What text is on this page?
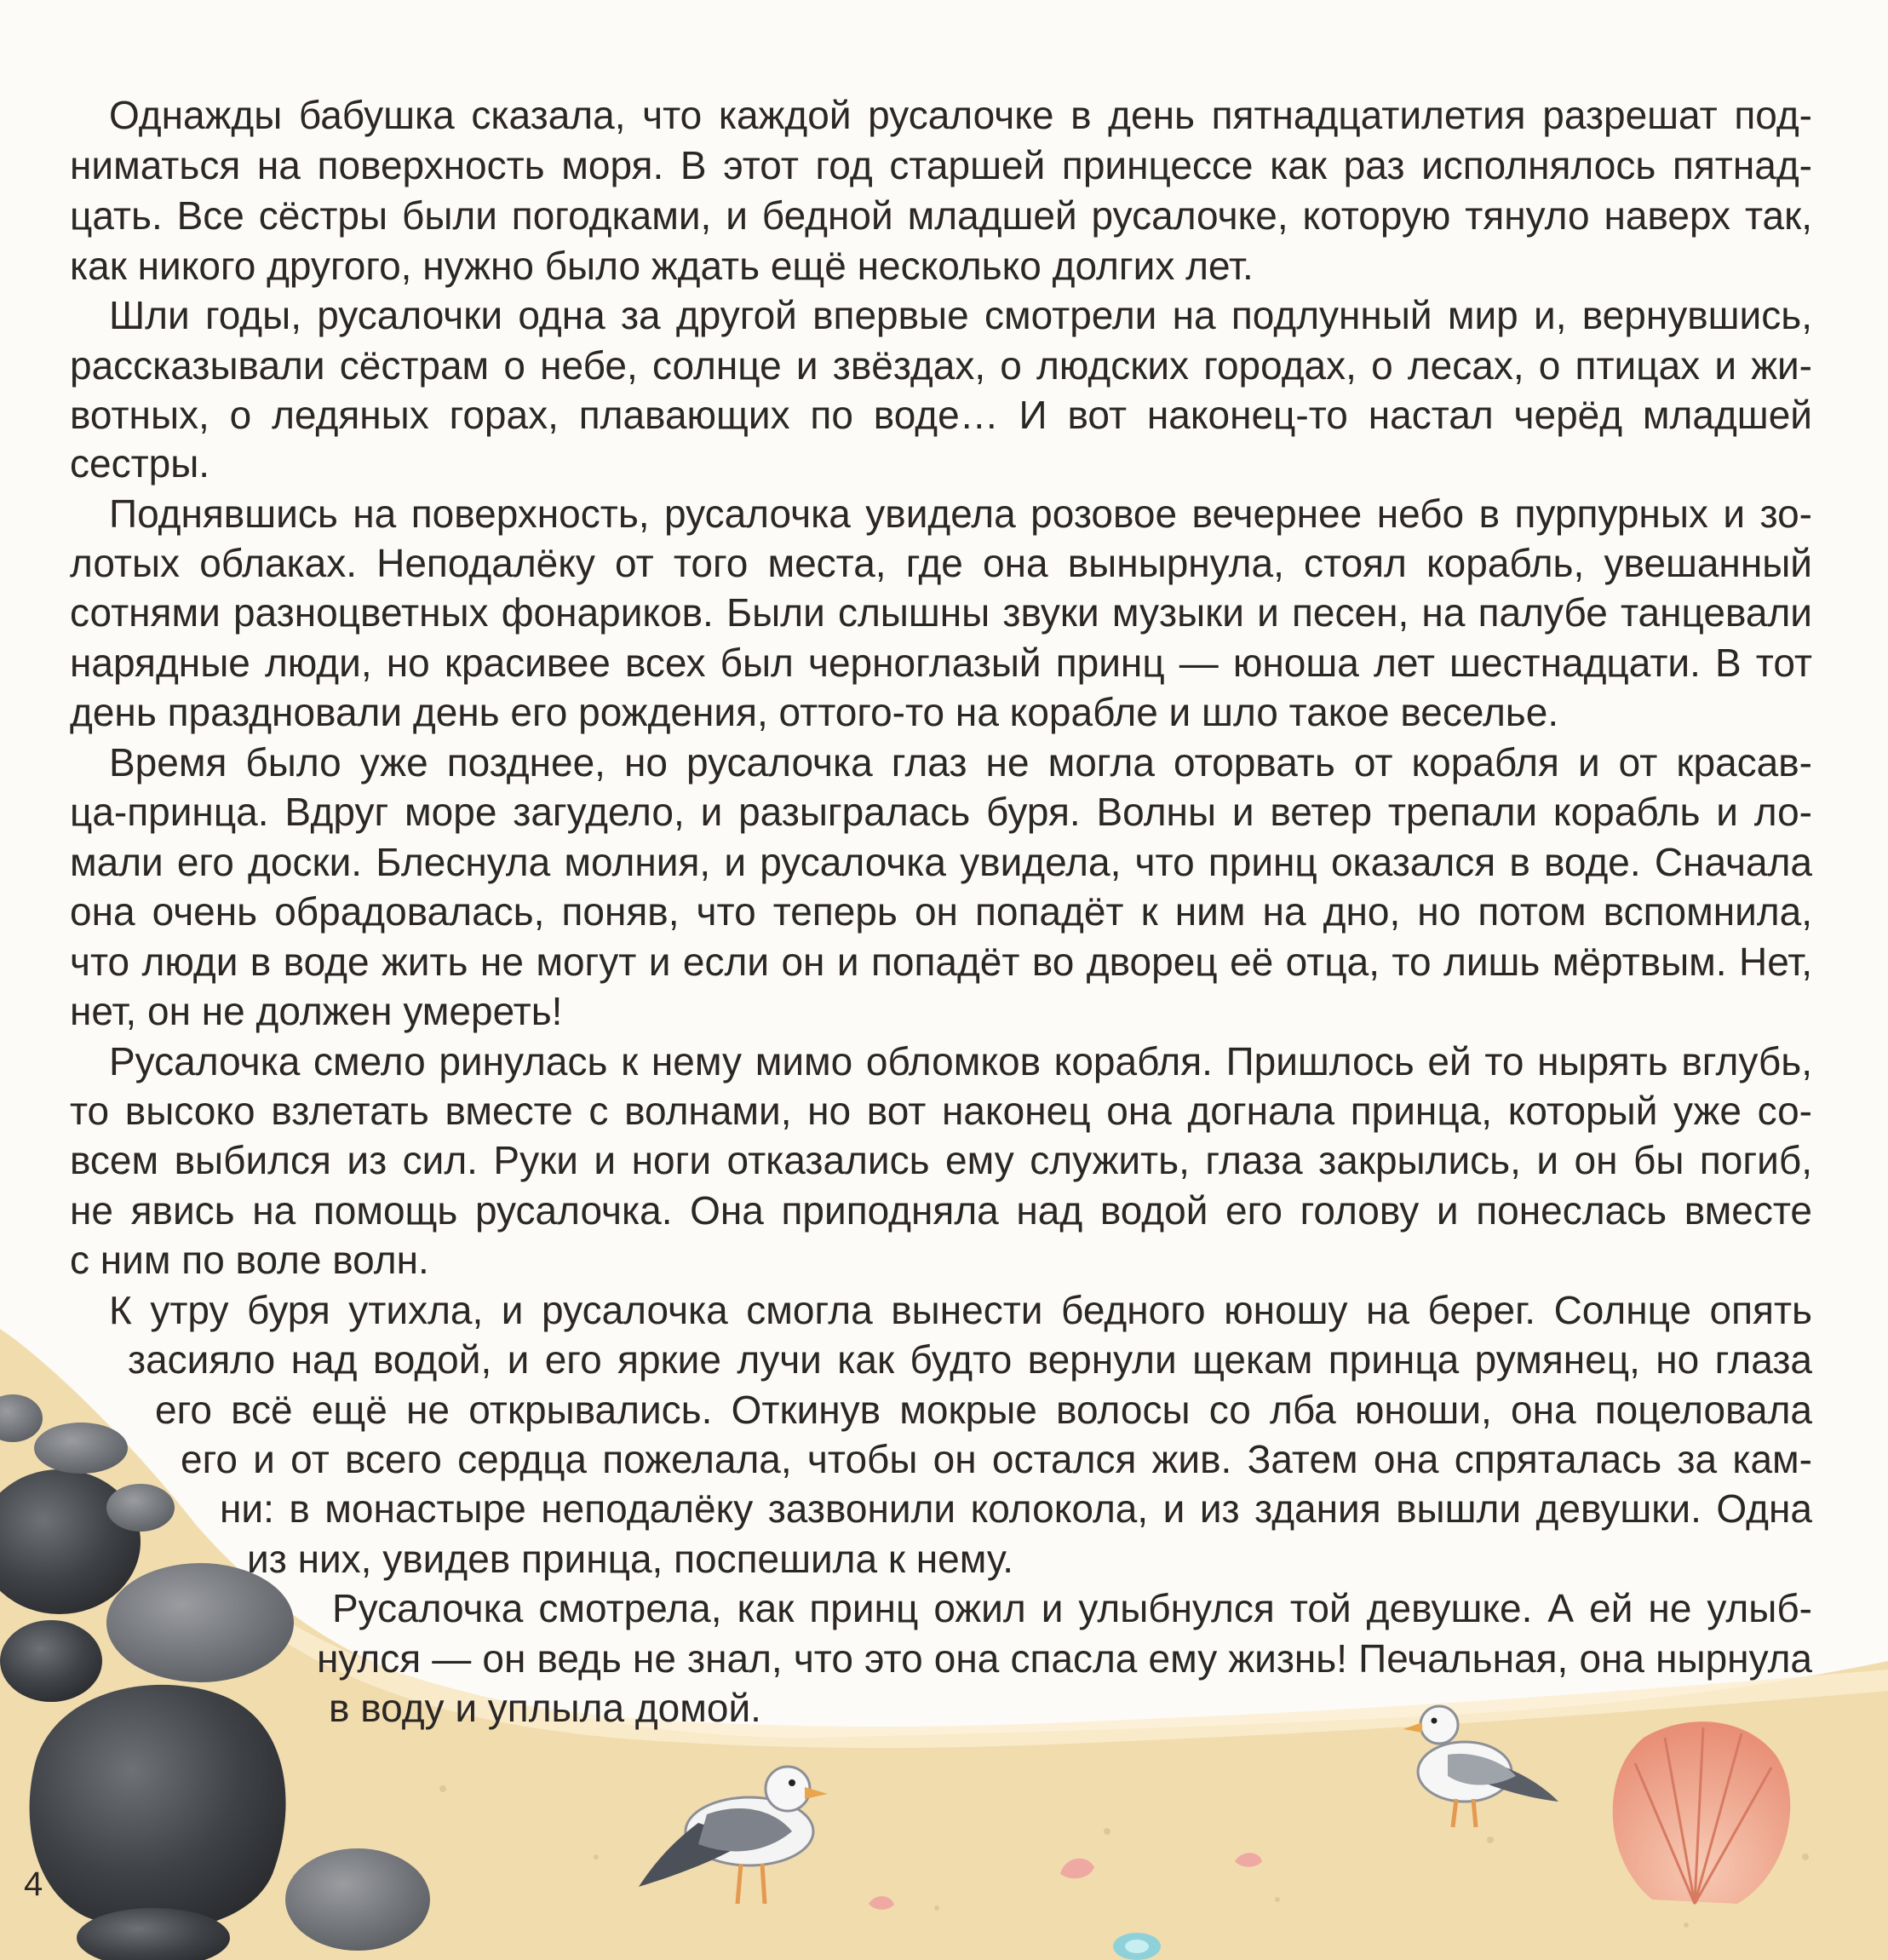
Однажды бабушка сказала, что каждой русалочке в день пятнадцатилетия разрешат под-
ниматься на поверхность моря. В этот год старшей принцессе как раз исполнялось пятнад-
цать. Все сёстры были погодками, и бедной младшей русалочке, которую тянуло наверх так,
как никого другого, нужно было ждать ещё несколько долгих лет.
Шли годы, русалочки одна за другой впервые смотрели на подлунный мир и, вернувшись,
рассказывали сёстрам о небе, солнце и звёздах, о людских городах, о лесах, о птицах и жи-
вотных, о ледяных горах, плавающих по воде… И вот наконец-то настал черёд младшей
сестры.
Поднявшись на поверхность, русалочка увидела розовое вечернее небо в пурпурных и зо-
лотых облаках. Неподалёку от того места, где она вынырнула, стоял корабль, увешанный
сотнями разноцветных фонариков. Были слышны звуки музыки и песен, на палубе танцевали
нарядные люди, но красивее всех был черноглазый принц — юноша лет шестнадцати. В тот
день праздновали день его рождения, оттого-то на корабле и шло такое веселье.
Время было уже позднее, но русалочка глаз не могла оторвать от корабля и от красав-
ца-принца. Вдруг море загудело, и разыгралась буря. Волны и ветер трепали корабль и ло-
мали его доски. Блеснула молния, и русалочка увидела, что принц оказался в воде. Сначала
она очень обрадовалась, поняв, что теперь он попадёт к ним на дно, но потом вспомнила,
что люди в воде жить не могут и если он и попадёт во дворец её отца, то лишь мёртвым. Нет,
нет, он не должен умереть!
Русалочка смело ринулась к нему мимо обломков корабля. Пришлось ей то нырять вглубь,
то высоко взлетать вместе с волнами, но вот наконец она догнала принца, который уже со-
всем выбился из сил. Руки и ноги отказались ему служить, глаза закрылись, и он бы погиб,
не явись на помощь русалочка. Она приподняла над водой его голову и понеслась вместе
с ним по воле волн.
К утру буря утихла, и русалочка смогла вынести бедного юношу на берег. Солнце опять
засияло над водой, и его яркие лучи как будто вернули щекам принца румянец, но глаза
его всё ещё не открывались. Откинув мокрые волосы со лба юноши, она поцеловала
его и от всего сердца пожелала, чтобы он остался жив. Затем она спряталась за кам-
ни: в монастыре неподалёку зазвонили колокола, и из здания вышли девушки. Одна
из них, увидев принца, поспешила к нему.
Русалочка смотрела, как принц ожил и улыбнулся той девушке. А ей не улыб-
нулся — он ведь не знал, что это она спасла ему жизнь! Печальная, она нырнула
в воду и уплыла домой.
4
